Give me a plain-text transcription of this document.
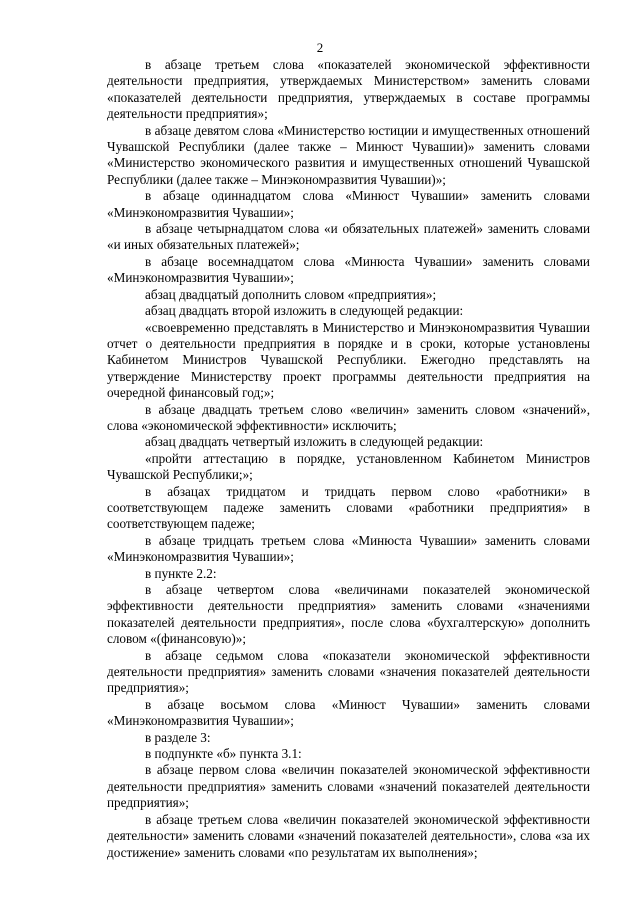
2

в абзаце третьем слова «показателей экономической эффективности деятельности предприятия, утверждаемых Министерством» заменить словами «показателей деятельности предприятия, утверждаемых в составе программы деятельности предприятия»;

в абзаце девятом слова «Министерство юстиции и имущественных отношений Чувашской Республики (далее также – Минюст Чувашии)» заменить словами «Министерство экономического развития и имущественных отношений Чувашской Республики (далее также – Минэкономразвития Чувашии)»;

в абзаце одиннадцатом слова «Минюст Чувашии» заменить словами «Минэкономразвития Чувашии»;

в абзаце четырнадцатом слова «и обязательных платежей» заменить словами «и иных обязательных платежей»;

в абзаце восемнадцатом слова «Минюста Чувашии» заменить словами «Минэкономразвития Чувашии»;

абзац двадцатый дополнить словом «предприятия»;

абзац двадцать второй изложить в следующей редакции:

«своевременно представлять в Министерство и Минэкономразвития Чувашии отчет о деятельности предприятия в порядке и в сроки, которые установлены Кабинетом Министров Чувашской Республики. Ежегодно представлять на утверждение Министерству проект программы деятельности предприятия на очередной финансовый год;»;

в абзаце двадцать третьем слово «величин» заменить словом «значений», слова «экономической эффективности» исключить;

абзац двадцать четвертый изложить в следующей редакции:

«пройти аттестацию в порядке, установленном Кабинетом Министров Чувашской Республики;»;

в абзацах тридцатом и тридцать первом слово «работники» в соответствующем падеже заменить словами «работники предприятия» в соответствующем падеже;

в абзаце тридцать третьем слова «Минюста Чувашии» заменить словами «Минэкономразвития Чувашии»;

в пункте 2.2:

в абзаце четвертом слова «величинами показателей экономической эффективности деятельности предприятия» заменить словами «значениями показателей деятельности предприятия», после слова «бухгалтерскую» дополнить словом «(финансовую)»;

в абзаце седьмом слова «показатели экономической эффективности деятельности предприятия» заменить словами «значения показателей деятельности предприятия»;

в абзаце восьмом слова «Минюст Чувашии» заменить словами «Минэкономразвития Чувашии»;

в разделе 3:

в подпункте «б» пункта 3.1:

в абзаце первом слова «величин показателей экономической эффективности деятельности предприятия» заменить словами «значений показателей деятельности предприятия»;

в абзаце третьем слова «величин показателей экономической эффективности деятельности» заменить словами «значений показателей деятельности», слова «за их достижение» заменить словами «по результатам их выполнения»;
